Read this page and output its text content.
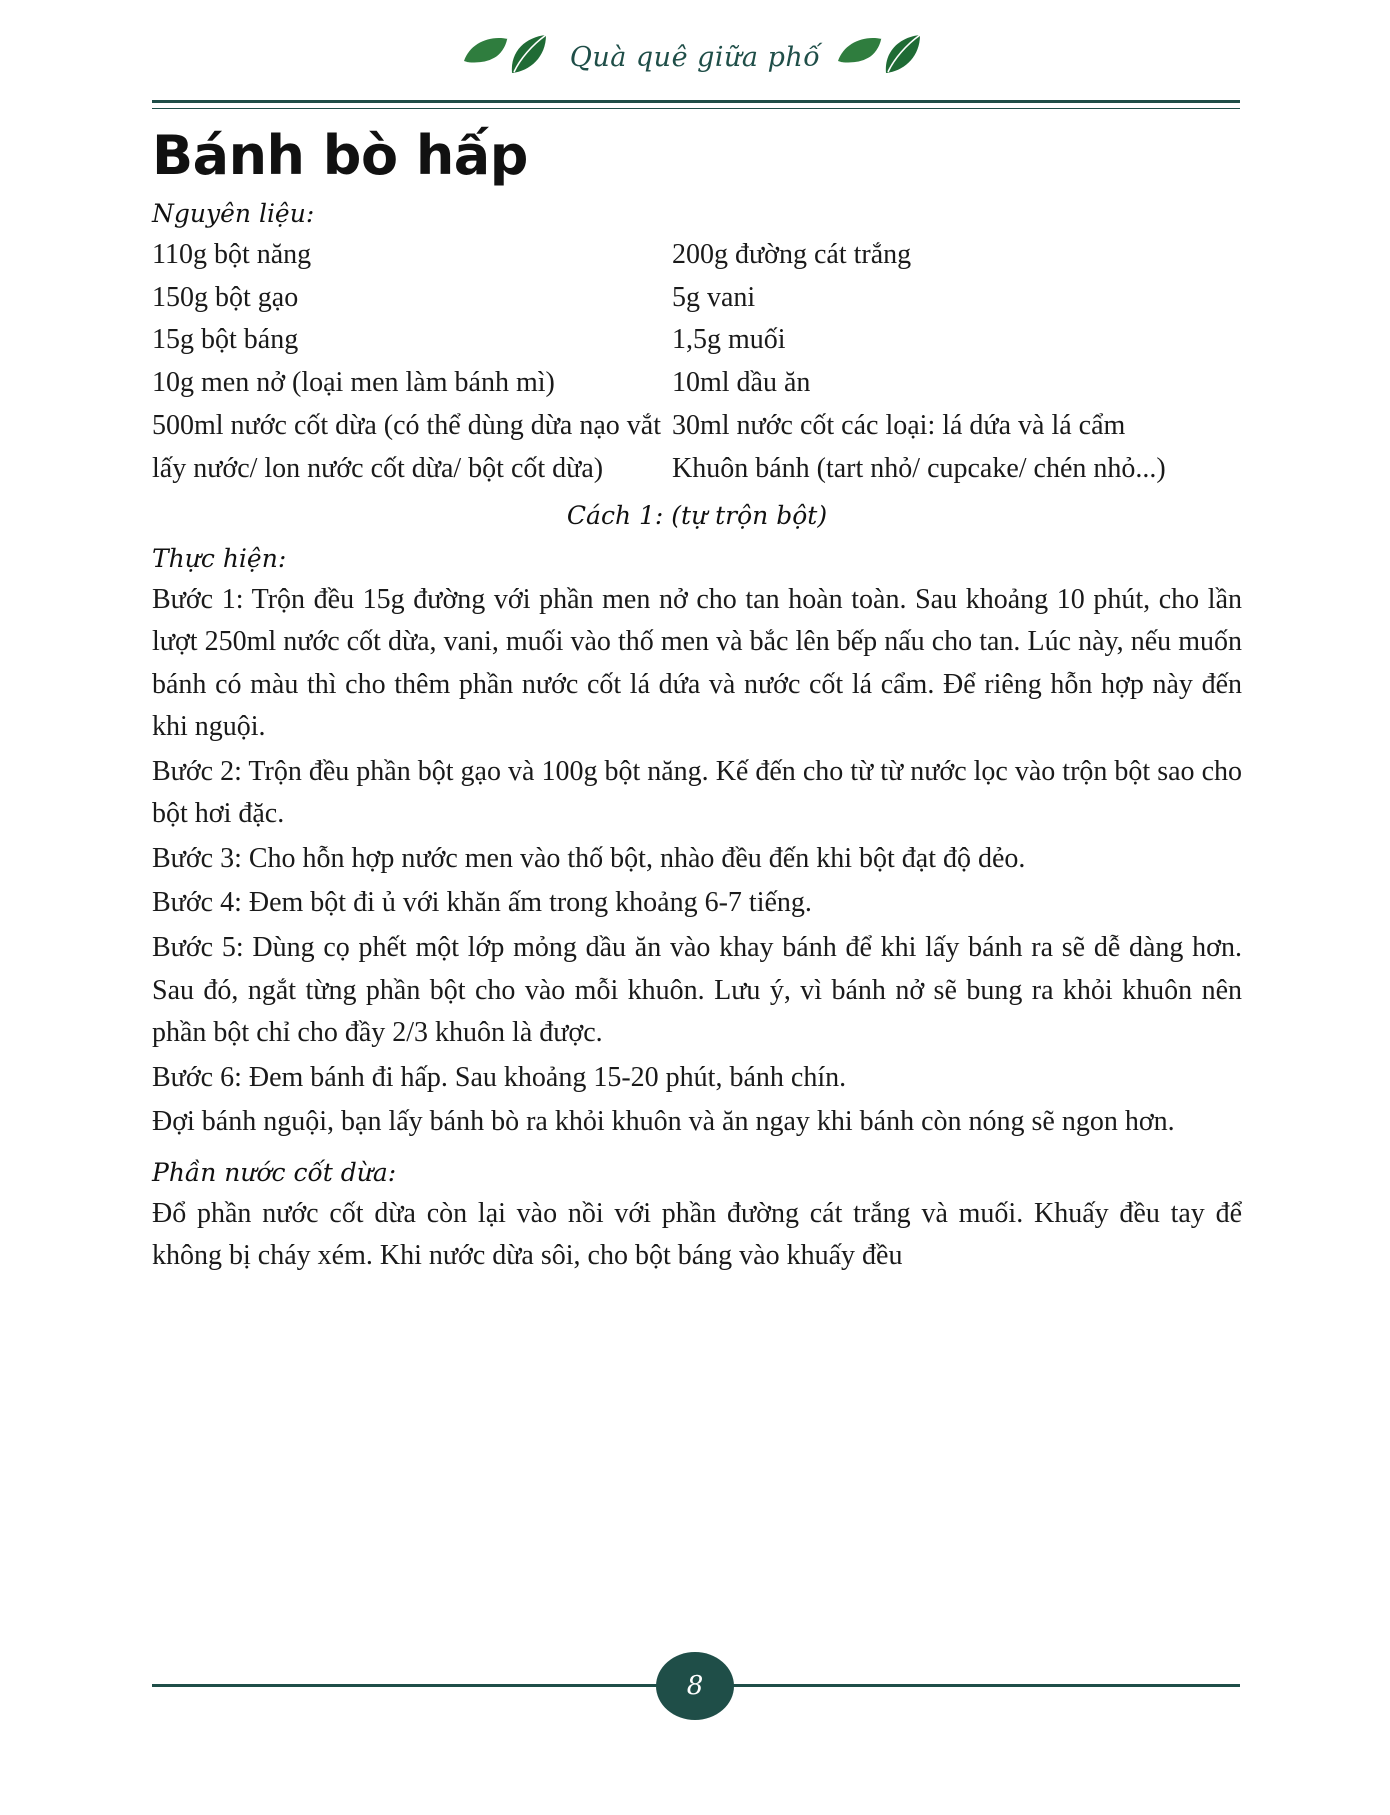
Quà quê giữa phố
Bánh bò hấp
Nguyên liệu:
110g bột năng
150g bột gạo
15g bột báng
10g men nở (loại men làm bánh mì)
500ml nước cốt dừa (có thể dùng dừa nạo vắt lấy nước/ lon nước cốt dừa/ bột cốt dừa)
200g đường cát trắng
5g vani
1,5g muối
10ml dầu ăn
30ml nước cốt các loại: lá dứa và lá cẩm
Khuôn bánh (tart nhỏ/ cupcake/ chén nhỏ...)
Cách 1: (tự trộn bột)
Thực hiện:

Bước 1: Trộn đều 15g đường với phần men nở cho tan hoàn toàn. Sau khoảng 10 phút, cho lần lượt 250ml nước cốt dừa, vani, muối vào thố men và bắc lên bếp nấu cho tan. Lúc này, nếu muốn bánh có màu thì cho thêm phần nước cốt lá dứa và nước cốt lá cẩm. Để riêng hỗn hợp này đến khi nguội.

Bước 2: Trộn đều phần bột gạo và 100g bột năng. Kế đến cho từ từ nước lọc vào trộn bột sao cho bột hơi đặc.

Bước 3: Cho hỗn hợp nước men vào thố bột, nhào đều đến khi bột đạt độ dẻo.

Bước 4: Đem bột đi ủ với khăn ấm trong khoảng 6-7 tiếng.

Bước 5: Dùng cọ phết một lớp mỏng dầu ăn vào khay bánh để khi lấy bánh ra sẽ dễ dàng hơn. Sau đó, ngắt từng phần bột cho vào mỗi khuôn. Lưu ý, vì bánh nở sẽ bung ra khỏi khuôn nên phần bột chỉ cho đầy 2/3 khuôn là được.

Bước 6: Đem bánh đi hấp. Sau khoảng 15-20 phút, bánh chín.

Đợi bánh nguội, bạn lấy bánh bò ra khỏi khuôn và ăn ngay khi bánh còn nóng sẽ ngon hơn.

Phần nước cốt dừa:

Đổ phần nước cốt dừa còn lại vào nồi với phần đường cát trắng và muối. Khuấy đều tay để không bị cháy xém. Khi nước dừa sôi, cho bột báng vào khuấy đều

8
